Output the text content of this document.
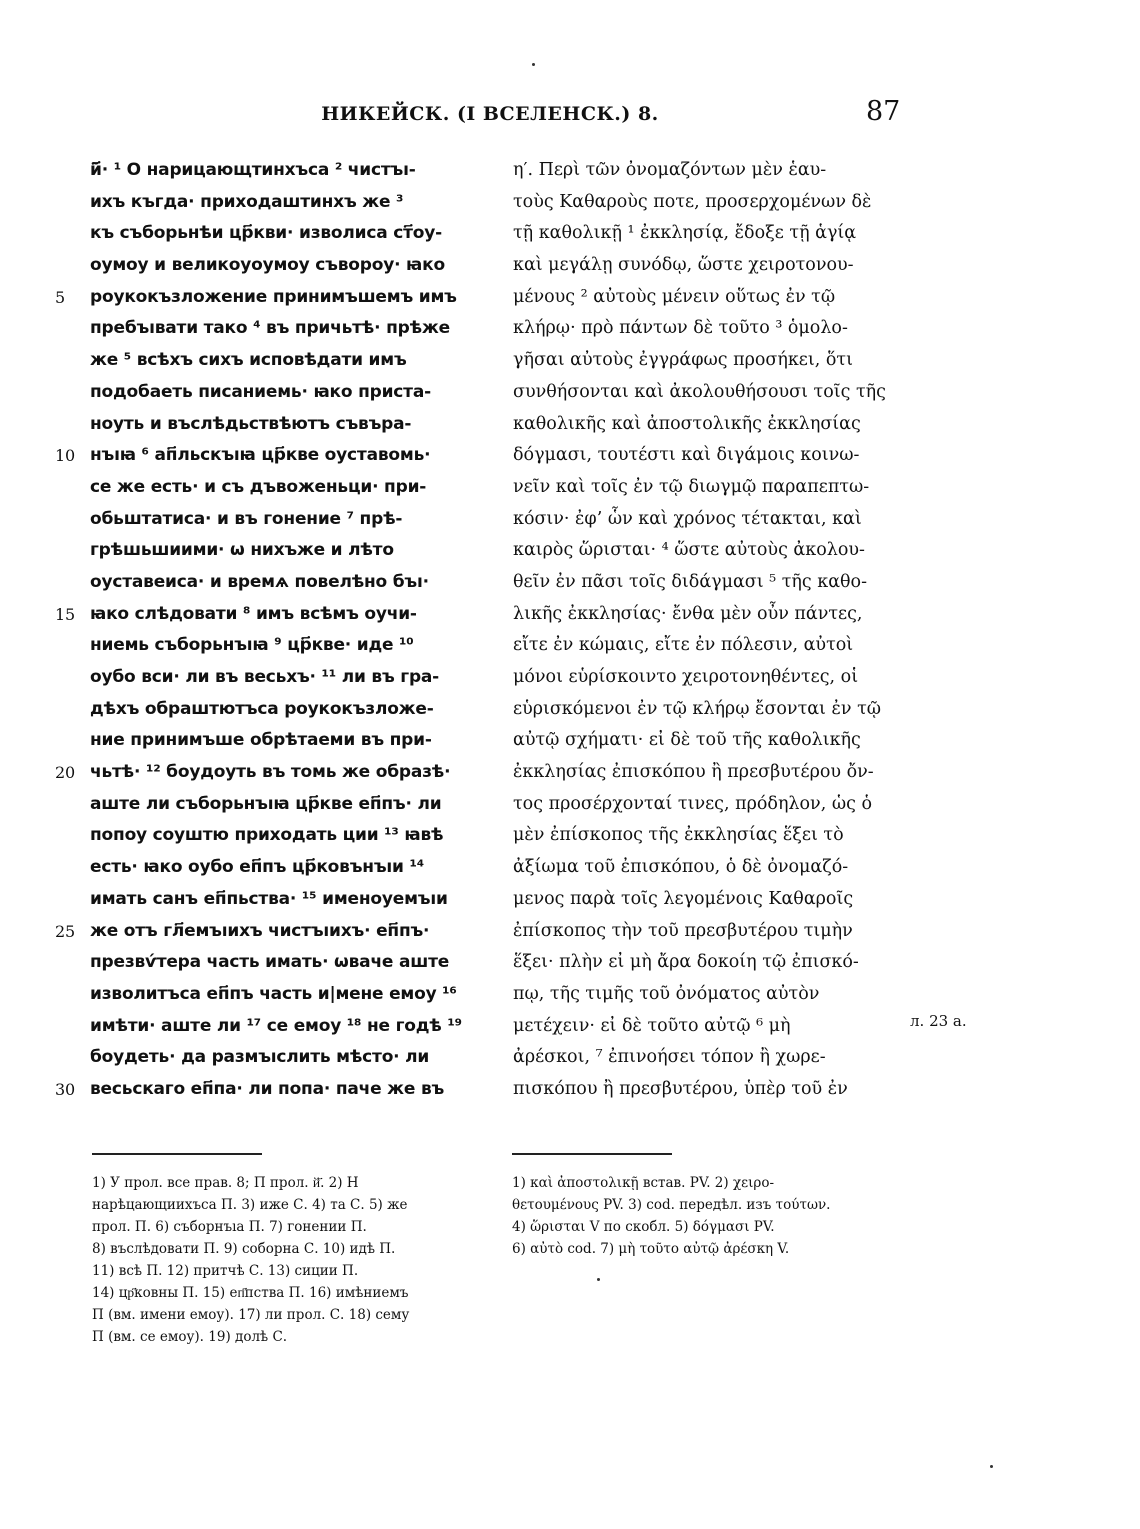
НИКЕЙСК. (I ВСЕЛЕНСК.) 8.	87
й҃· ¹ О нарицающтинхъса ² чистъı-
ихъ къгда· приходаштинхъ же ³
къ съборьнѣи цр҃кви· изволиса ст҃оу-
оумоу и великоуоумоу съвороу· ꙗко
5	роукокъзложение принимъшемъ имъ
пребъıвати тако ⁴ въ причьтѣ· прѣже
же ⁵ всѣхъ сихъ исповѣдати имъ
подобаеть писаниемь· ꙗко приста-
ноуть и въслѣдьствѣютъ съвъра-
10 нъıꙗ ⁶ ап҃льскъıꙗ цр҃кве оуставомь·
се же есть· и съ дъвоженьци· при-
обьштатиса· и въ гонение ⁷ прѣ-
грѣшьшиими· ѡ нихъже и лѣто
оуставеиса· и времѧ повелѣно бъı·
15 ꙗко слѣдовати ⁸ имъ всѣмъ оучи-
ниемь съборьнъıꙗ ⁹ цр҃кве· иде ¹⁰
оубо вси· ли въ весьхъ· ¹¹ ли въ гра-
дѣхъ обраштютъса роукокъзложе-
ние принимъше обрѣтаеми въ при-
20 чьтѣ· ¹² боудоуть въ томь же образѣ·
аште ли съборьнъıꙗ цр҃кве еп҃пъ· ли
попоу соуштю приходать ции ¹³ ꙗвѣ
есть· ꙗко оубо еп҃пъ цр҃ковънъıи ¹⁴
имать санъ еп҃пьства· ¹⁵ именоуемъıи
25 же отъ гл҃емъıихъ чистъıихъ· еп҃пъ·
презвѵ́тера часть имать· ѡваче аште
изволитъса еп҃пъ часть и|мене емоу ¹⁶
имѣти· аште ли ¹⁷ се емоу ¹⁸ не годѣ ¹⁹
боудеть· да размъıслить мѣсто· ли
30 весьскаго еп҃па· ли попа· паче же въ
η′. Περὶ τῶν ὀνομαζόντων μὲν ἑαυ-
τοὺς Καθαροὺς ποτε, προσερχομένων δὲ
τῇ καθολικῇ ¹ ἐκκλησίᾳ, ἔδοξε τῇ ἁγίᾳ
καὶ μεγάλῃ συνόδῳ, ὥστε χειροτονου-
μένους ² αὐτοὺς μένειν οὕτως ἐν τῷ
κλήρῳ· πρὸ πάντων δὲ τοῦτο ³ ὁμολο-
γῆσαι αὐτοὺς ἐγγράφως προσήκει, ὅτι
συνθήσονται καὶ ἀκολουθήσουσι τοῖς τῆς
καθολικῆς καὶ ἀποστολικῆς ἐκκλησίας
δόγμασι, τουτέστι καὶ διγάμοις κοινω-
νεῖν καὶ τοῖς ἐν τῷ διωγμῷ παραπεπτω-
κόσιν· ἐφ’ ὧν καὶ χρόνος τέτακται, καὶ
καιρὸς ὥρισται· ⁴ ὥστε αὐτοὺς ἀκολου-
θεῖν ἐν πᾶσι τοῖς διδάγμασι ⁵ τῆς καθο-
λικῆς ἐκκλησίας· ἔνθα μὲν οὖν πάντες,
εἴτε ἐν κώμαις, εἴτε ἐν πόλεσιν, αὐτοὶ
μόνοι εὑρίσκοιντο χειροτονηθέντες, οἱ
εὑρισκόμενοι ἐν τῷ κλήρῳ ἔσονται ἐν τῷ
αὐτῷ σχήματι· εἰ δὲ τοῦ τῆς καθολικῆς
ἐκκλησίας ἐπισκόπου ἢ πρεσβυτέρου ὄν-
τος προσέρχονταί τινες, πρόδηλον, ὡς ὁ
μὲν ἐπίσκοπος τῆς ἐκκλησίας ἕξει τὸ
ἀξίωμα τοῦ ἐπισκόπου, ὁ δὲ ὀνομαζό-
μενος παρὰ τοῖς λεγομένοις Καθαροῖς
ἐπίσκοπος τὴν τοῦ πρεσβυτέρου τιμὴν
ἕξει· πλὴν εἰ μὴ ἄρα δοκοίη τῷ ἐπισκό-
πῳ, τῆς τιμῆς τοῦ ὀνόματος αὐτὸν
μετέχειν· εἰ δὲ τοῦτο αὐτῷ ⁶ μὴ
ἀρέσκοι, ⁷ ἐπινοήσει τόπον ἢ χωρε-
πισκόπου ἢ πρεσβυτέρου, ὑπὲρ τοῦ ἐν
л. 23 а.
1) У прол. все прав. 8; П прол. й҃. 2) Н
нарѣцающиихъса П. 3) иже С. 4) та С. 5) же
прол. П. 6) съборнъıа П. 7) гонении П.
8) въслѣдовати П. 9) соборна С. 10) идѣ П.
11) всѣ П. 12) притчѣ С. 13) сиции П.
14) цр҃ковны П. 15) еп҃пства П. 16) имѣниемъ
П (вм. имени емоу). 17) ли прол. С. 18) сему
П (вм. се емоу). 19) долѣ С.
1) καὶ ἀποστολικῇ встав. PV. 2) χειρο-
θετουμένους PV. 3) cod. передѣл. изъ τούτων.
4) ὥρισται V по скобл. 5) δόγμασι PV.
6) αὐτὸ cod. 7) μὴ τοῦτο αὐτῷ ἀρέσκη V.
